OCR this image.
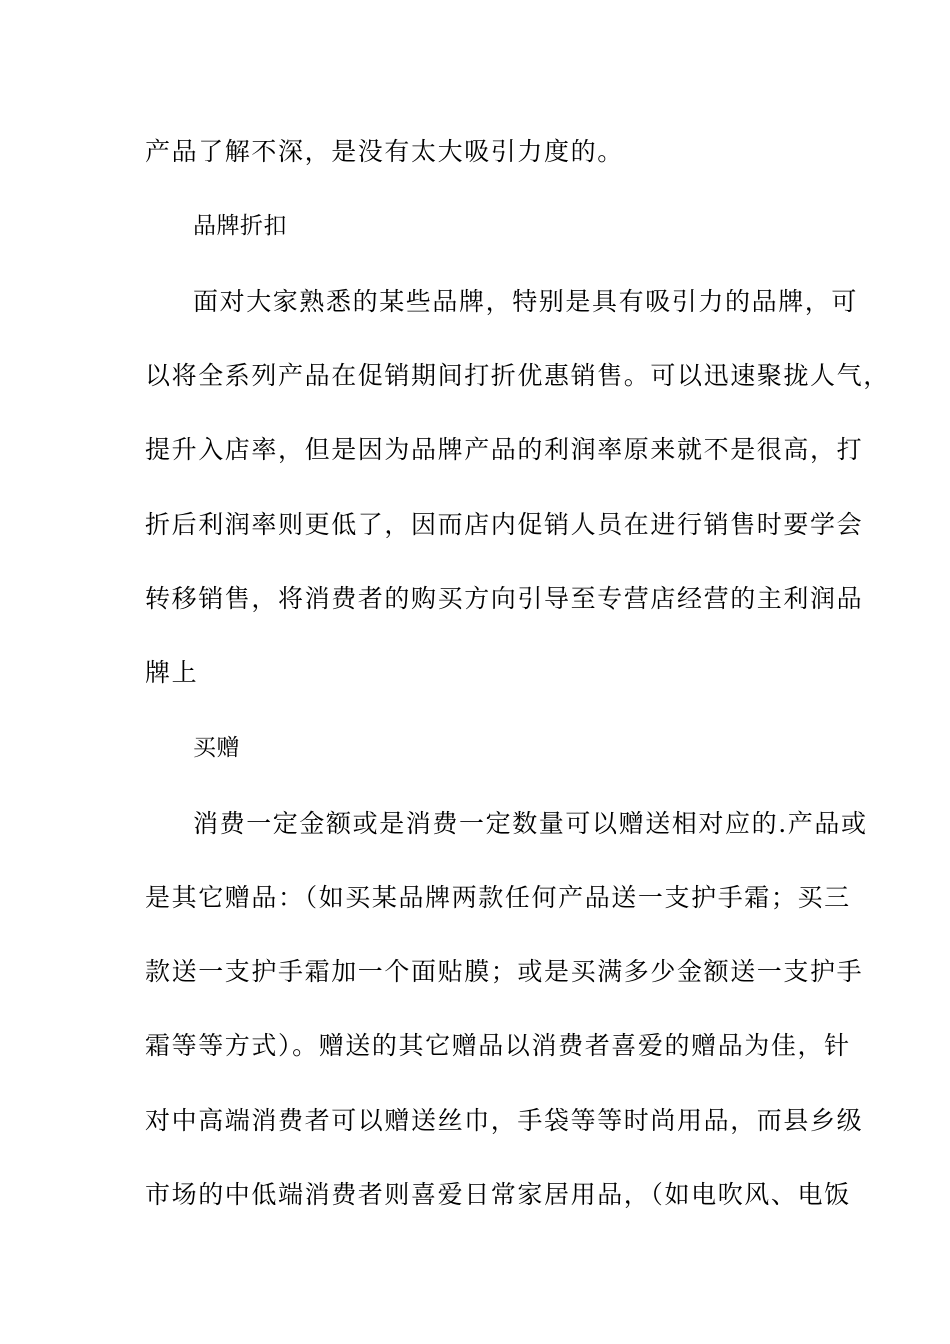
产品了解不深，是没有太大吸引力度的。
品牌折扣
面对大家熟悉的某些品牌，特别是具有吸引力的品牌，可
以将全系列产品在促销期间打折优惠销售。可以迅速聚拢人气，
提升入店率，但是因为品牌产品的利润率原来就不是很高，打
折后利润率则更低了，因而店内促销人员在进行销售时要学会
转移销售，将消费者的购买方向引导至专营店经营的主利润品
牌上
买赠
消费一定金额或是消费一定数量可以赠送相对应的.产品或
是其它赠品：（如买某品牌两款任何产品送一支护手霜；买三
款送一支护手霜加一个面贴膜；或是买满多少金额送一支护手
霜等等方式）。赠送的其它赠品以消费者喜爱的赠品为佳，针
对中高端消费者可以赠送丝巾，手袋等等时尚用品，而县乡级
市场的中低端消费者则喜爱日常家居用品，（如电吹风、电饭
